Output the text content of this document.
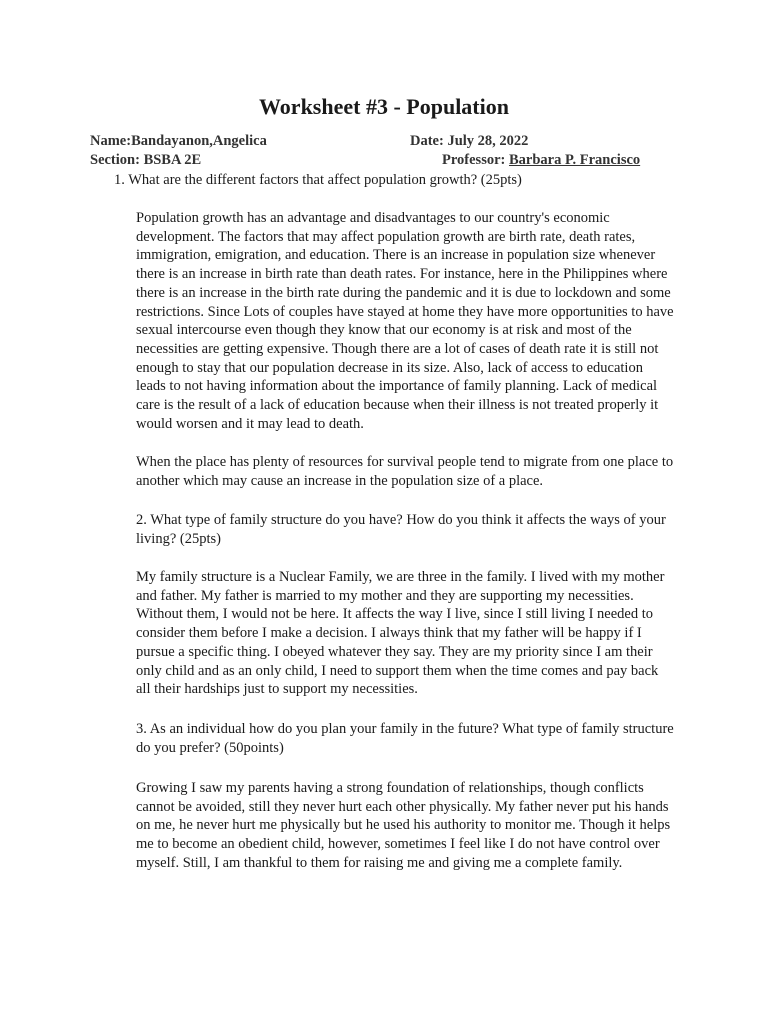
Worksheet #3 - Population
Name:Bandayanon,Angelica	Date: July 28, 2022
Section: BSBA 2E	Professor: Barbara P. Francisco
1. What are the different factors that affect population growth? (25pts)

Population growth has an advantage and disadvantages to our country's economic development. The factors that may affect population growth are birth rate, death rates, immigration, emigration, and education. There is an increase in population size whenever there is an increase in birth rate than death rates. For instance, here in the Philippines where there is an increase in the birth rate during the pandemic and it is due to lockdown and some restrictions. Since Lots of couples have stayed at home they have more opportunities to have sexual intercourse even though they know that our economy is at risk and most of the necessities are getting expensive. Though there are a lot of cases of death rate it is still not enough to stay that our population decrease in its size. Also, lack of access to education leads to not having information about the importance of family planning. Lack of medical care is the result of a lack of education because when their illness is not treated properly it would worsen and it may lead to death.

When the place has plenty of resources for survival people tend to migrate from one place to another which may cause an increase in the population size of a place.

2. What type of family structure do you have? How do you think it affects the ways of your living? (25pts)

My family structure is a Nuclear Family, we are three in the family. I lived with my mother and father. My father is married to my mother and they are supporting my necessities. Without them, I would not be here. It affects the way I live, since I still living I needed to consider them before I make a decision. I always think that my father will be happy if I pursue a specific thing. I obeyed whatever they say. They are my priority since I am their only child and as an only child, I need to support them when the time comes and pay back all their hardships just to support my necessities.

3. As an individual how do you plan your family in the future? What type of family structure do you prefer? (50points)

Growing I saw my parents having a strong foundation of relationships, though conflicts cannot be avoided, still they never hurt each other physically. My father never put his hands on me, he never hurt me physically but he used his authority to monitor me. Though it helps me to become an obedient child, however, sometimes I feel like I do not have control over myself. Still, I am thankful to them for raising me and giving me a complete family.
